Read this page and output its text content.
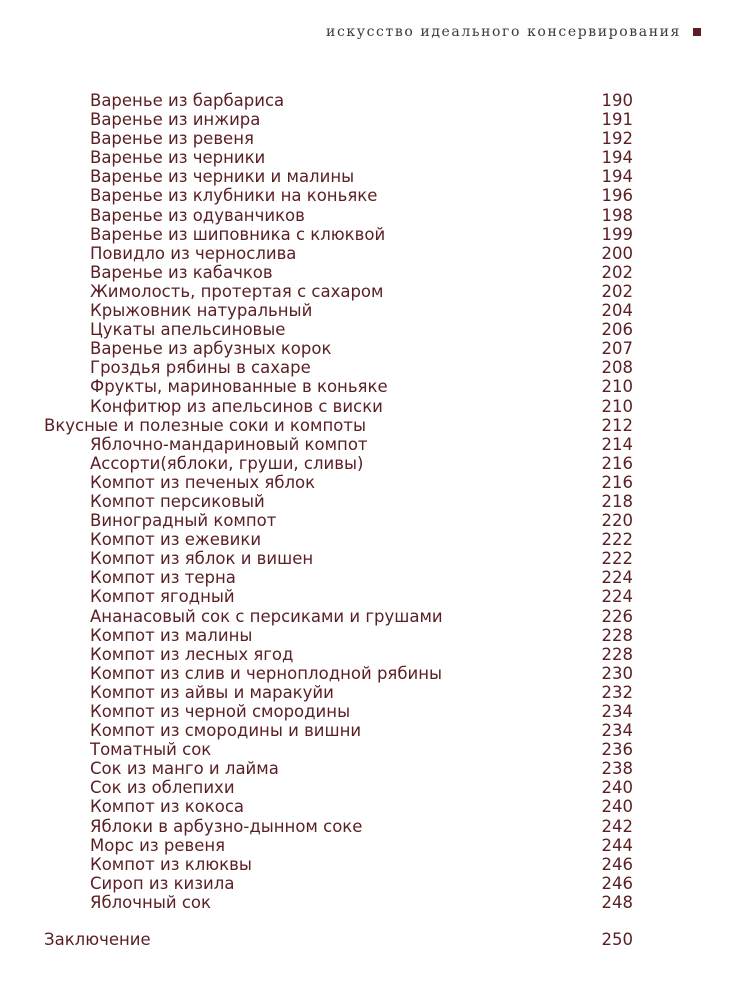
искусство идеального консервирования
Варенье из барбариса	190
Варенье из инжира	191
Варенье из ревеня	192
Варенье из черники	194
Варенье из черники и малины	194
Варенье из клубники на коньяке	196
Варенье из одуванчиков	198
Варенье из шиповника с клюквой	199
Повидло из чернослива	200
Варенье из кабачков	202
Жимолость, протертая с сахаром	202
Крыжовник натуральный	204
Цукаты апельсиновые	206
Варенье из арбузных корок	207
Гроздья рябины в сахаре	208
Фрукты, маринованные в коньяке	210
Конфитюр из апельсинов с виски	210
Вкусные и полезные соки и компоты	212
Яблочно-мандариновый компот	214
Ассорти(яблоки, груши, сливы)	216
Компот из печеных яблок	216
Компот персиковый	218
Виноградный компот	220
Компот из ежевики	222
Компот из яблок и вишен	222
Компот из терна	224
Компот ягодный	224
Ананасовый сок с персиками и грушами	226
Компот из малины	228
Компот из лесных ягод	228
Компот из слив и черноплодной рябины	230
Компот из айвы и маракуйи	232
Компот из черной смородины	234
Компот из смородины и вишни	234
Томатный сок	236
Сок из манго и лайма	238
Сок из облепихи	240
Компот из кокоса	240
Яблоки в арбузно-дынном соке	242
Морс из ревеня	244
Компот из клюквы	246
Сироп из кизила	246
Яблочный сок	248
Заключение	250
